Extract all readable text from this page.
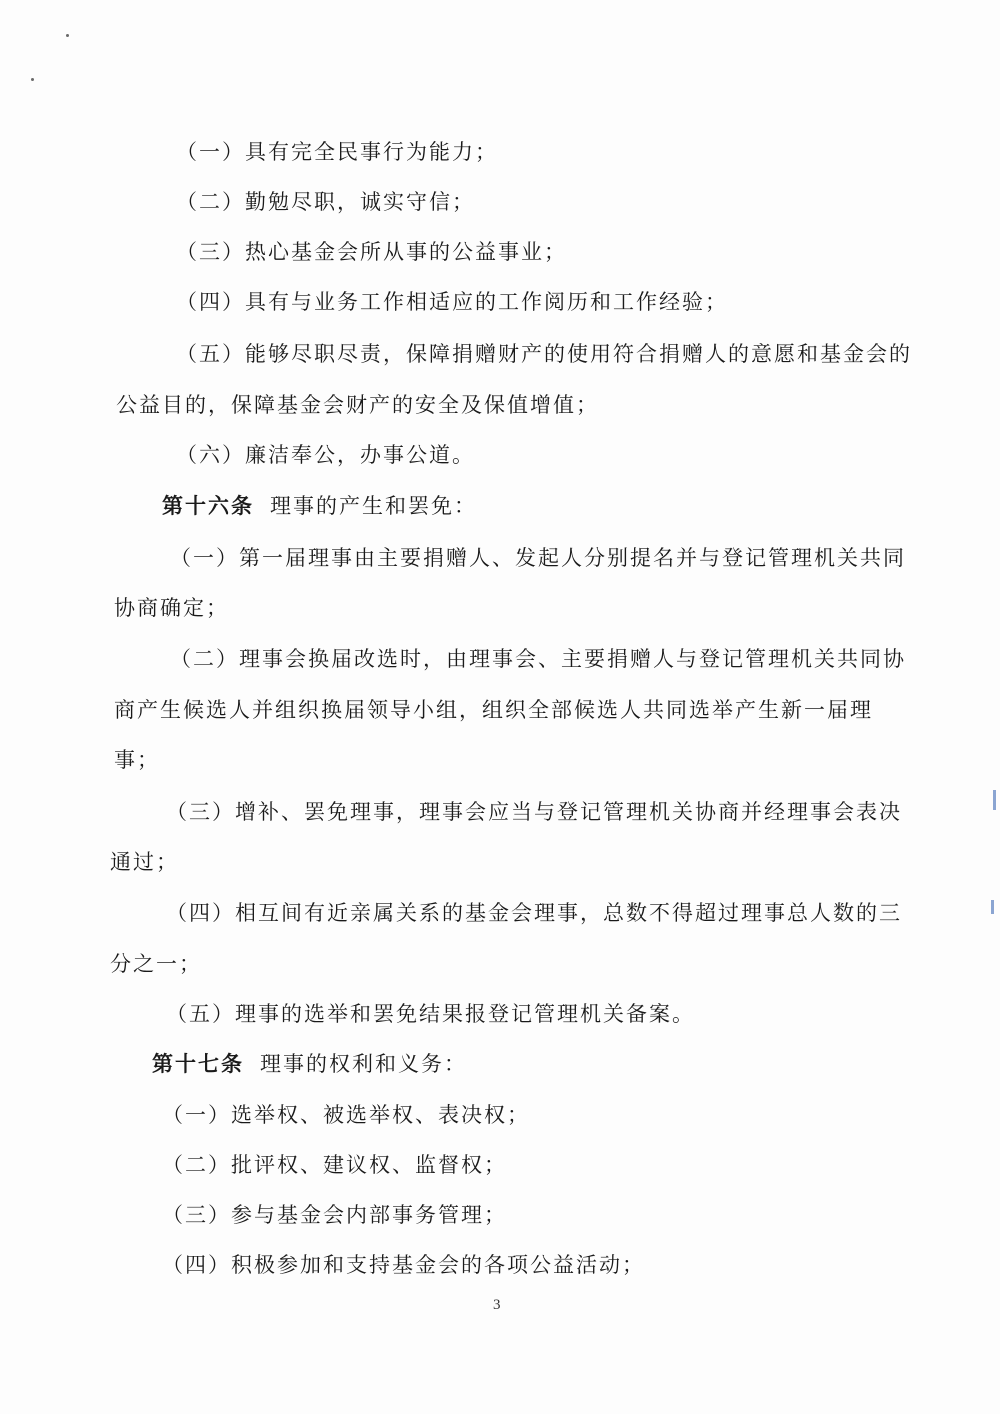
（一）具有完全民事行为能力；
（二）勤勉尽职，诚实守信；
（三）热心基金会所从事的公益事业；
（四）具有与业务工作相适应的工作阅历和工作经验；
（五）能够尽职尽责，保障捐赠财产的使用符合捐赠人的意愿和基金会的
公益目的，保障基金会财产的安全及保值增值；
（六）廉洁奉公，办事公道。
第十六条 理事的产生和罢免：
（一）第一届理事由主要捐赠人、发起人分别提名并与登记管理机关共同
协商确定；
（二）理事会换届改选时，由理事会、主要捐赠人与登记管理机关共同协
商产生候选人并组织换届领导小组，组织全部候选人共同选举产生新一届理
事；
（三）增补、罢免理事，理事会应当与登记管理机关协商并经理事会表决
通过；
（四）相互间有近亲属关系的基金会理事，总数不得超过理事总人数的三
分之一；
（五）理事的选举和罢免结果报登记管理机关备案。
第十七条 理事的权利和义务：
（一）选举权、被选举权、表决权；
（二）批评权、建议权、监督权；
（三）参与基金会内部事务管理；
（四）积极参加和支持基金会的各项公益活动；
3
